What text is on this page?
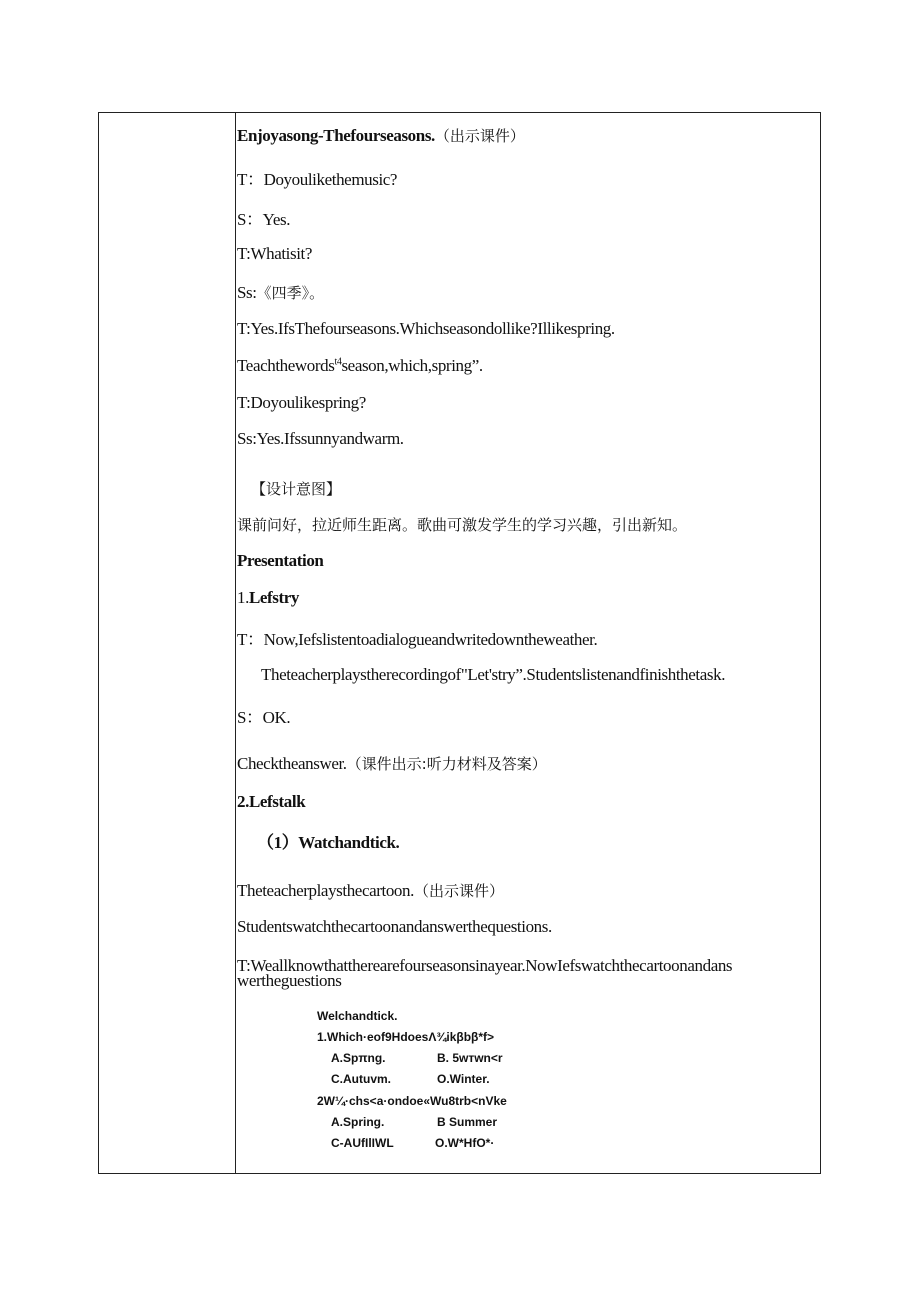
Enjoyasong-Thefourseasons.（出示课件）
T：Doyoulikethemusic?
S：Yes.
T:Whatisit?
Ss:《四季》。
T:Yes.IfsThefourseasons.Whichseasondollike?Illikespring.
Teachthewords$^{t4}$season,which,spring”.
T:Doyoulikespring?
Ss:Yes.Ifssunnyandwarm.
【设计意图】
课前问好，拉近师生距离。歌曲可激发学生的学习兴趣，引出新知。
Presentation
1.Lefstry
T：Now,Iefslistentoadialogueandwritedowntheweather.
Theteacherplaystherecordingof"Let'stry”.Studentslistenandfinishthetask.
S：OK.
Checktheanswer.（课件出示:听力材料及答案）
2.Lefstalk
（1）Watchandtick.
Theteacherplaysthecartoon.（出示课件）
Studentswatchthecartoonandanswerthequestions.
T:Weallknowthattherearefourseasonsinayear.NowIefswatchthecartoonandans
wertheguestions
Welchandtick.
1.Which·eof9HdoesΛ¾ikβbβ*f>
A.Spπng.	B. 5wтwn<r
C.Autuvm.	O.Winter.
2W¼·chs<a·ondoe«Wu8trb<nVke
A.Spring.	B Summer
C-AUfIlIWL	O.W*HfO*·
